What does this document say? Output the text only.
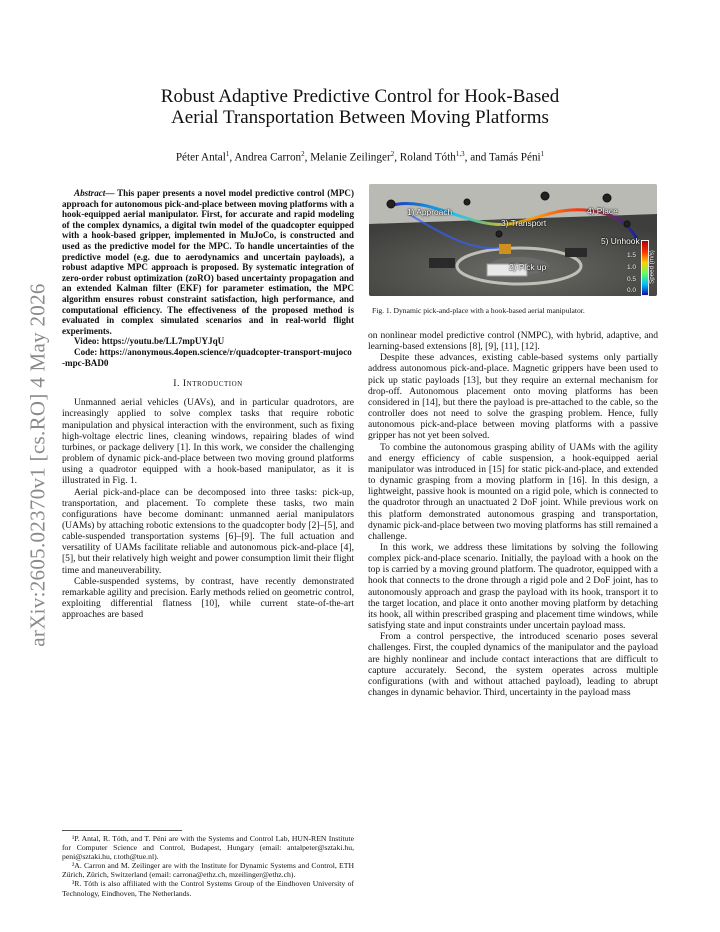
arXiv:2605.02370v1 [cs.RO] 4 May 2026
Robust Adaptive Predictive Control for Hook-Based
Aerial Transportation Between Moving Platforms
Péter Antal$^1$, Andrea Carron$^2$, Melanie Zeilinger$^2$, Roland Tóth$^{1,3}$, and Tamás Péni$^1$

Abstract— This paper presents a novel model predictive control (MPC) approach for autonomous pick-and-place between moving platforms with a hook-equipped aerial manipulator. First, for accurate and rapid modeling of the complex dynamics, a digital twin model of the quadcopter equipped with a hook-based gripper, implemented in MuJoCo, is constructed and used as the predictive model for the MPC. To handle uncertainties of the predictive model (e.g. due to aerodynamics and uncertain payloads), a robust adaptive MPC approach is proposed. By systematic integration of zero-order robust optimization (zoRO) based uncertainty propagation and an extended Kalman filter (EKF) for parameter estimation, the MPC algorithm ensures robust constraint satisfaction, high performance, and computational efficiency. The effectiveness of the proposed method is evaluated in complex simulated scenarios and in real-world flight experiments.

Video: https://youtu.be/LL7mpUYJqU

Code: https://anonymous.4open.science/r/quadcopter-transport-mujoco-mpc-BAD0

I. Introduction

Unmanned aerial vehicles (UAVs), and in particular quadrotors, are increasingly applied to solve complex tasks that require robotic manipulation and physical interaction with the environment, such as fixing high-voltage electric lines, cleaning windows, repairing blades of wind turbines, or package delivery [1]. In this work, we consider the challenging problem of dynamic pick-and-place between two moving ground platforms using a quadrotor equipped with a hook-based manipulator, as it is illustrated in Fig. 1.

Aerial pick-and-place can be decomposed into three tasks: pick-up, transportation, and placement. To complete these tasks, two main configurations have become dominant: unmanned aerial manipulators (UAMs) by attaching robotic extensions to the quadcopter body [2]–[5], and cable-suspended transportation systems [6]–[9]. The full actuation and versatility of UAMs facilitate reliable and autonomous pick-and-place [4], [5], but their relatively high weight and power consumption limit their flight time and maneuverability.

Cable-suspended systems, by contrast, have recently demonstrated remarkable agility and precision. Early methods relied on geometric control, exploiting differential flatness [10], while current state-of-the-art approaches are based

¹P. Antal, R. Tóth, and T. Péni are with the Systems and Control Lab, HUN-REN Institute for Computer Science and Control, Budapest, Hungary (email: antalpeter@sztaki.hu, peni@sztaki.hu, r.toth@tue.nl).

²A. Carron and M. Zeilinger are with the Institute for Dynamic Systems and Control, ETH Zürich, Zürich, Switzerland (email: carrona@ethz.ch, mzeilinger@ethz.ch).

³R. Tóth is also affiliated with the Control Systems Group of the Eindhoven University of Technology, Eindhoven, The Netherlands.

1) Approach
2) Pick up
3) Transport
4) Place
5) Unhook
1.5
1.0
0.5
0.0
Speed (m/s)
Fig. 1. Dynamic pick-and-place with a hook-based aerial manipulator.

on nonlinear model predictive control (NMPC), with hybrid, adaptive, and learning-based extensions [8], [9], [11], [12].

Despite these advances, existing cable-based systems only partially address autonomous pick-and-place. Magnetic grippers have been used to pick up static payloads [13], but they require an external mechanism for drop-off. Autonomous placement onto moving platforms has been considered in [14], but there the payload is pre-attached to the cable, so the controller does not need to solve the grasping problem. Hence, fully autonomous pick-and-place between moving platforms with a passive gripper has not yet been solved.

To combine the autonomous grasping ability of UAMs with the agility and energy efficiency of cable suspension, a hook-equipped aerial manipulator was introduced in [15] for static pick-and-place, and extended to dynamic grasping from a moving platform in [16]. In this design, a lightweight, passive hook is mounted on a rigid pole, which is connected to the quadrotor through an unactuated 2 DoF joint. While previous work on this platform demonstrated autonomous grasping and transportation, dynamic pick-and-place between two moving platforms has still remained a challenge.

In this work, we address these limitations by solving the following complex pick-and-place scenario. Initially, the payload with a hook on the top is carried by a moving ground platform. The quadrotor, equipped with a hook that connects to the drone through a rigid pole and 2 DoF joint, has to autonomously approach and grasp the payload with its hook, transport it to the target location, and place it onto another moving platform by detaching its hook, all within prescribed grasping and placement time windows, while satisfying state and input constraints under uncertain payload mass.

From a control perspective, the introduced scenario poses several challenges. First, the coupled dynamics of the manipulator and the payload are highly nonlinear and include contact interactions that are difficult to capture accurately. Second, the system operates across multiple configurations (with and without attached payload), leading to abrupt changes in dynamic behavior. Third, uncertainty in the payload mass
